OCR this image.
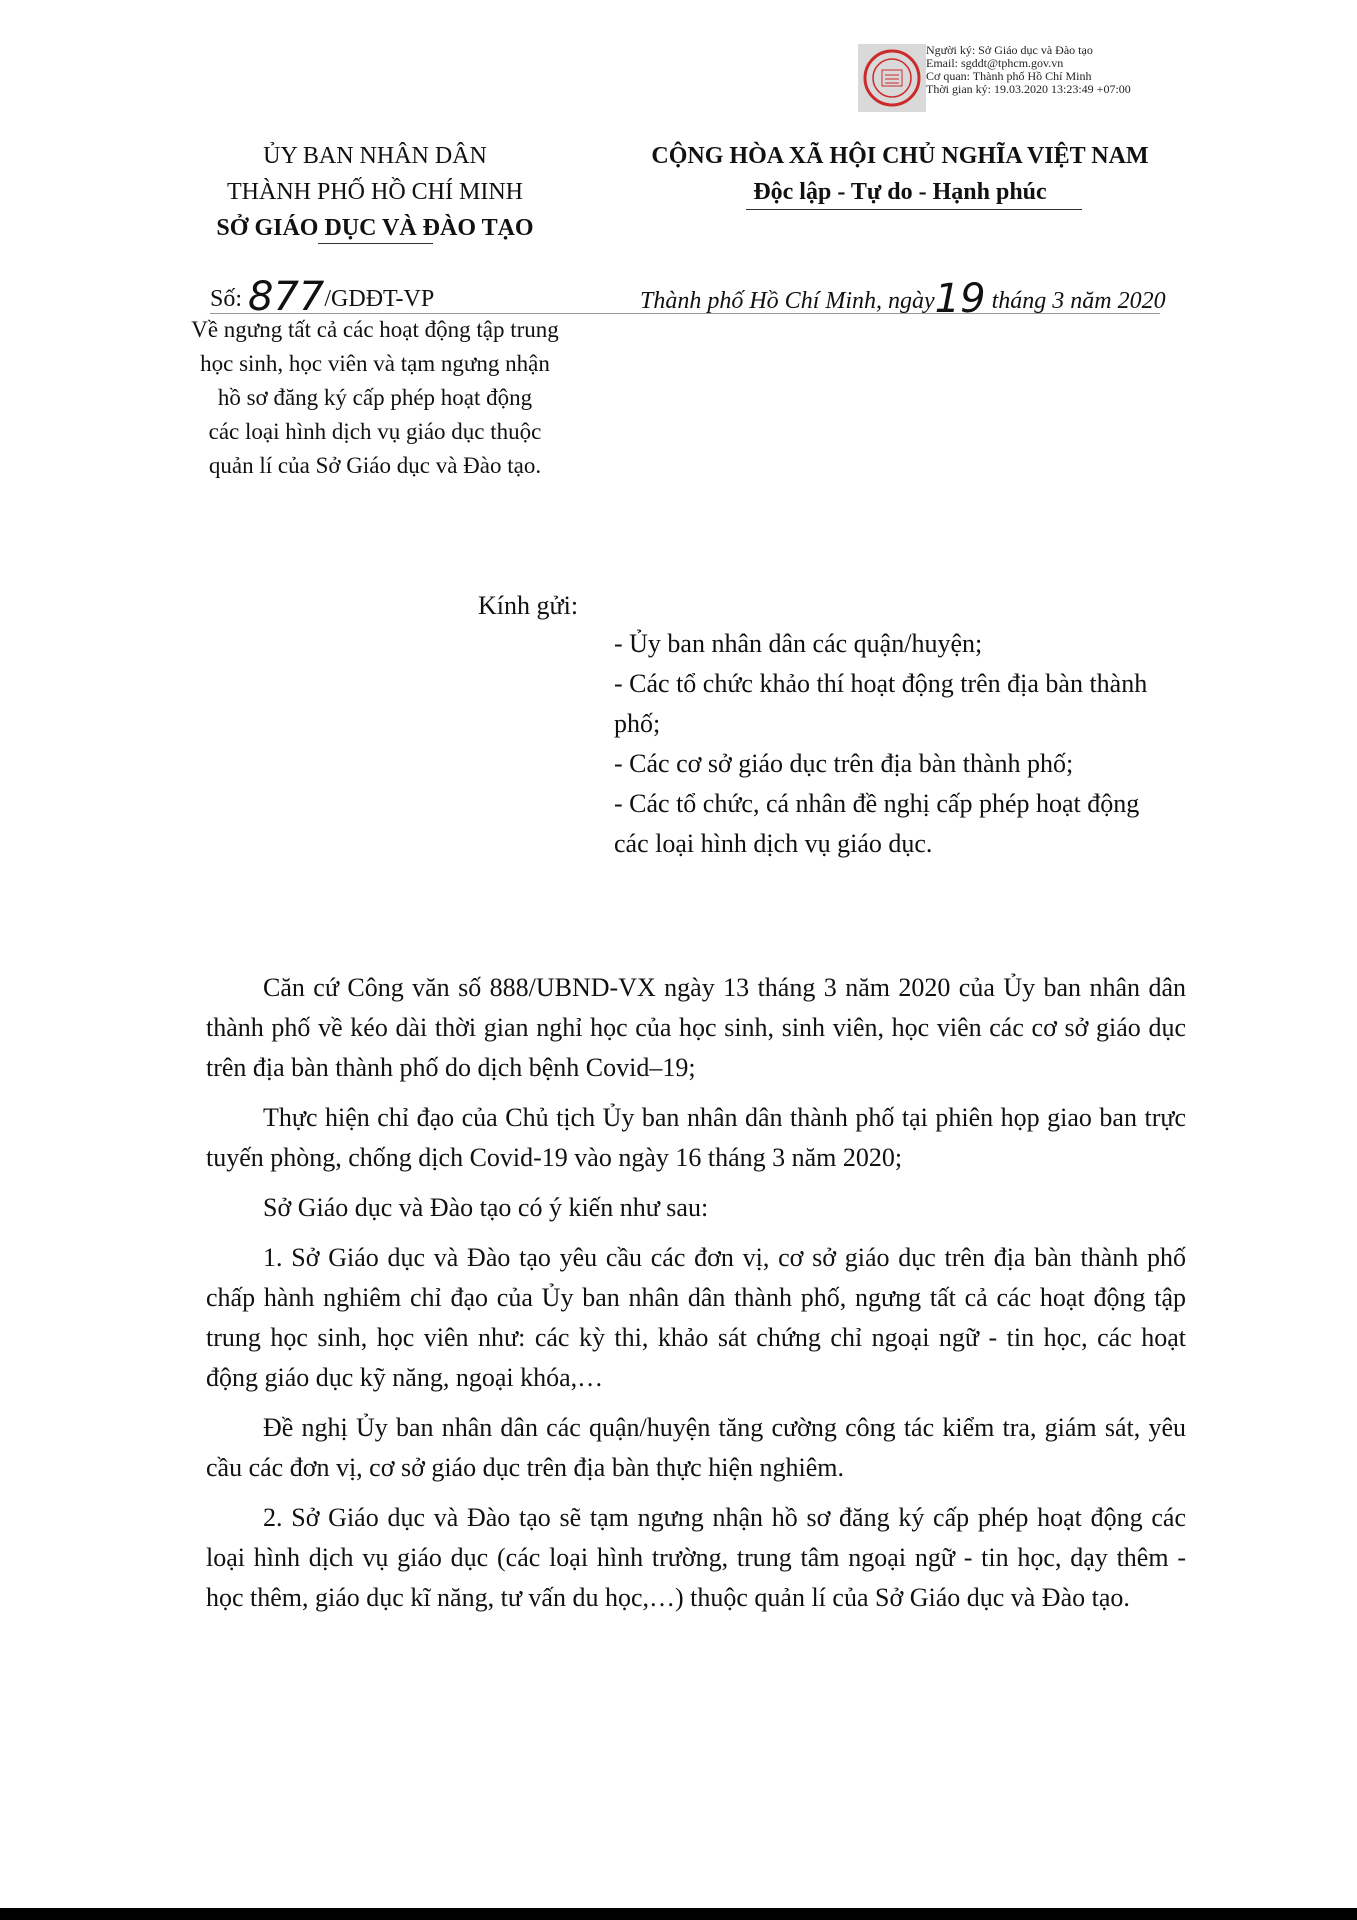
Người ký: Sở Giáo dục và Đào tạo
Email: sgddt@tphcm.gov.vn
Cơ quan: Thành phố Hồ Chí Minh
Thời gian ký: 19.03.2020 13:23:49 +07:00
ỦY BAN NHÂN DÂN
THÀNH PHỐ HỒ CHÍ MINH
SỞ GIÁO DỤC VÀ ĐÀO TẠO
CỘNG HÒA XÃ HỘI CHỦ NGHĨA VIỆT NAM
Độc lập - Tự do - Hạnh phúc
Số: 877/GDĐT-VP	Thành phố Hồ Chí Minh, ngày19 tháng 3 năm 2020
Về ngưng tất cả các hoạt động tập trung
học sinh, học viên và tạm ngưng nhận
hồ sơ đăng ký cấp phép hoạt động
các loại hình dịch vụ giáo dục thuộc
quản lí của Sở Giáo dục và Đào tạo.
Kính gửi:
- Ủy ban nhân dân các quận/huyện;
- Các tổ chức khảo thí hoạt động trên địa bàn thành phố;
- Các cơ sở giáo dục trên địa bàn thành phố;
- Các tổ chức, cá nhân đề nghị cấp phép hoạt động các loại hình dịch vụ giáo dục.

Căn cứ Công văn số 888/UBND-VX ngày 13 tháng 3 năm 2020 của Ủy ban nhân dân thành phố về kéo dài thời gian nghỉ học của học sinh, sinh viên, học viên các cơ sở giáo dục trên địa bàn thành phố do dịch bệnh Covid–19;

Thực hiện chỉ đạo của Chủ tịch Ủy ban nhân dân thành phố tại phiên họp giao ban trực tuyến phòng, chống dịch Covid-19 vào ngày 16 tháng 3 năm 2020;

Sở Giáo dục và Đào tạo có ý kiến như sau:

1. Sở Giáo dục và Đào tạo yêu cầu các đơn vị, cơ sở giáo dục trên địa bàn thành phố chấp hành nghiêm chỉ đạo của Ủy ban nhân dân thành phố, ngưng tất cả các hoạt động tập trung học sinh, học viên như: các kỳ thi, khảo sát chứng chỉ ngoại ngữ - tin học, các hoạt động giáo dục kỹ năng, ngoại khóa,…

Đề nghị Ủy ban nhân dân các quận/huyện tăng cường công tác kiểm tra, giám sát, yêu cầu các đơn vị, cơ sở giáo dục trên địa bàn thực hiện nghiêm.

2. Sở Giáo dục và Đào tạo sẽ tạm ngưng nhận hồ sơ đăng ký cấp phép hoạt động các loại hình dịch vụ giáo dục (các loại hình trường, trung tâm ngoại ngữ - tin học, dạy thêm - học thêm, giáo dục kĩ năng, tư vấn du học,…) thuộc quản lí của Sở Giáo dục và Đào tạo.
